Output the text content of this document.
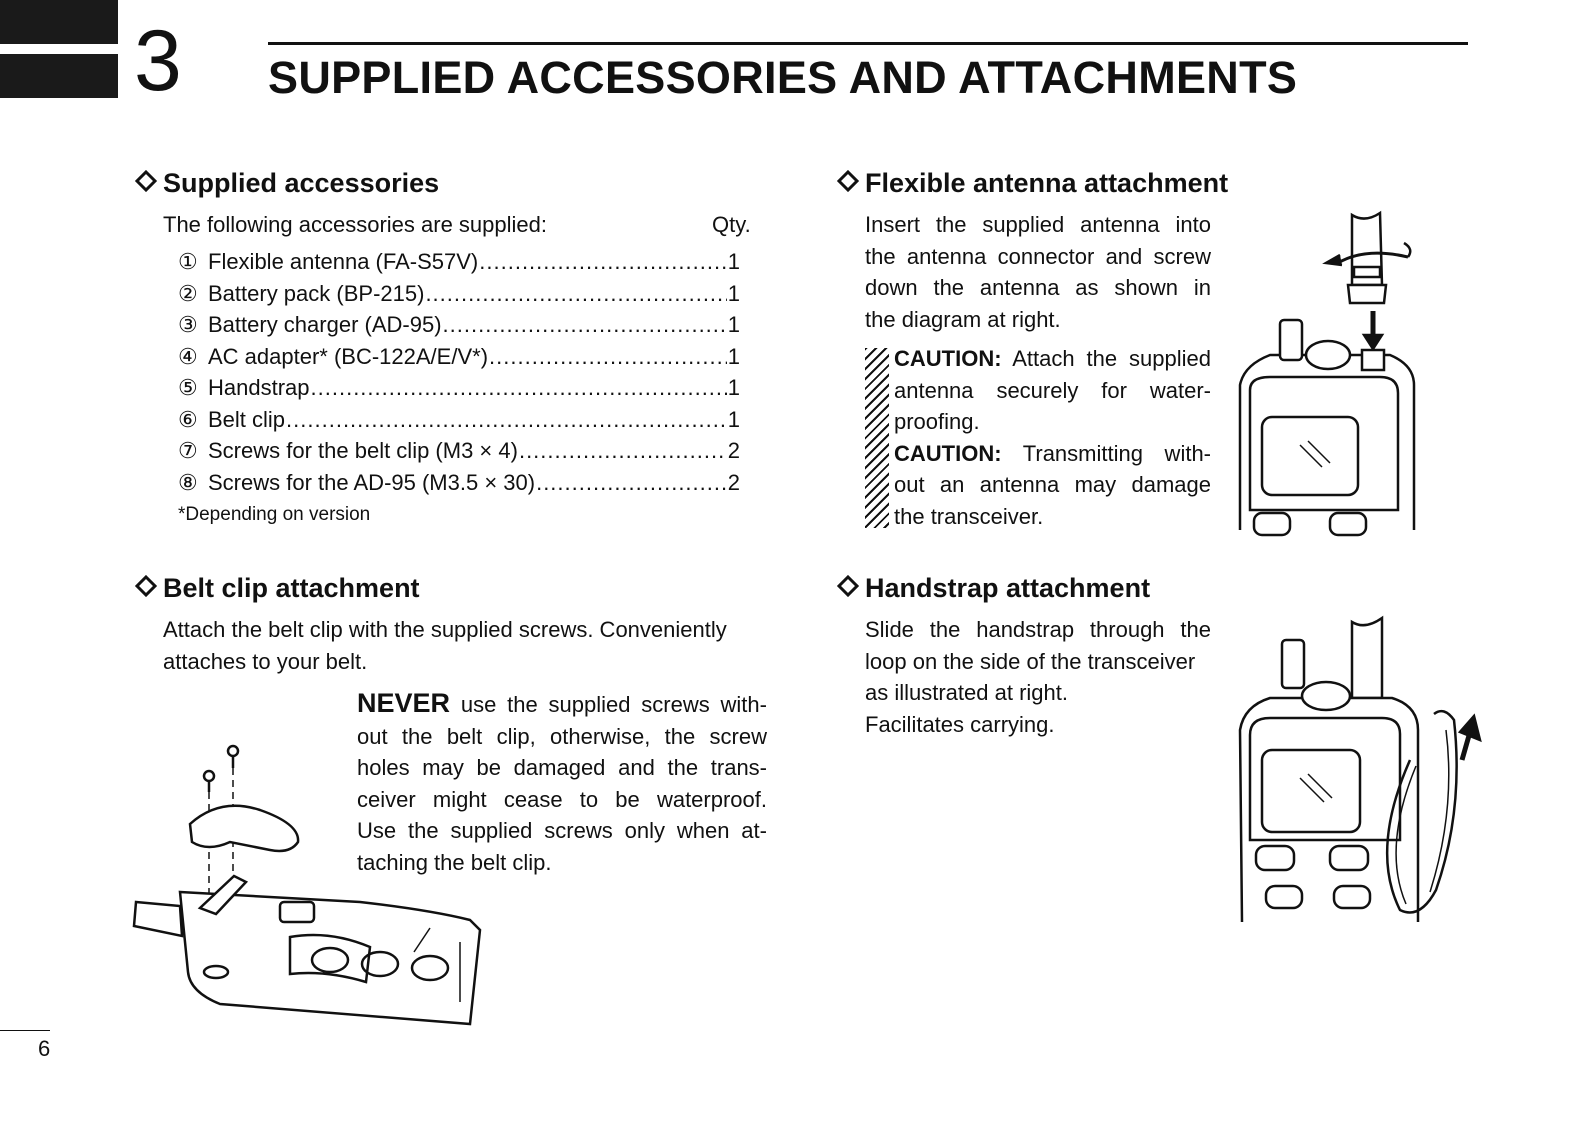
3 SUPPLIED ACCESSORIES AND ATTACHMENTS
Supplied accessories
The following accessories are supplied:	Qty.
① Flexible antenna (FA-S57V) .....	1
② Battery pack (BP-215) .....	1
③ Battery charger (AD-95) .....	1
④ AC adapter* (BC-122A/E/V*) .....	1
⑤ Handstrap .....	1
⑥ Belt clip .....	1
⑦ Screws for the belt clip (M3 × 4) .....	2
⑧ Screws for the AD-95 (M3.5 × 30) .....	2
*Depending on version
Flexible antenna attachment
Insert the supplied antenna into
the antenna connector and screw
down the antenna as shown in
the diagram at right.
CAUTION: Attach the supplied
antenna securely for water-
proofing.
CAUTION: Transmitting with-
out an antenna may damage
the transceiver.
Belt clip attachment
Attach the belt clip with the supplied screws. Conveniently
attaches to your belt.
NEVER use the supplied screws with-
out the belt clip, otherwise, the screw
holes may be damaged and the trans-
ceiver might cease to be waterproof.
Use the supplied screws only when at-
taching the belt clip.
Handstrap attachment
Slide the handstrap through the
loop on the side of the transceiver
as illustrated at right.
Facilitates carrying.
6
